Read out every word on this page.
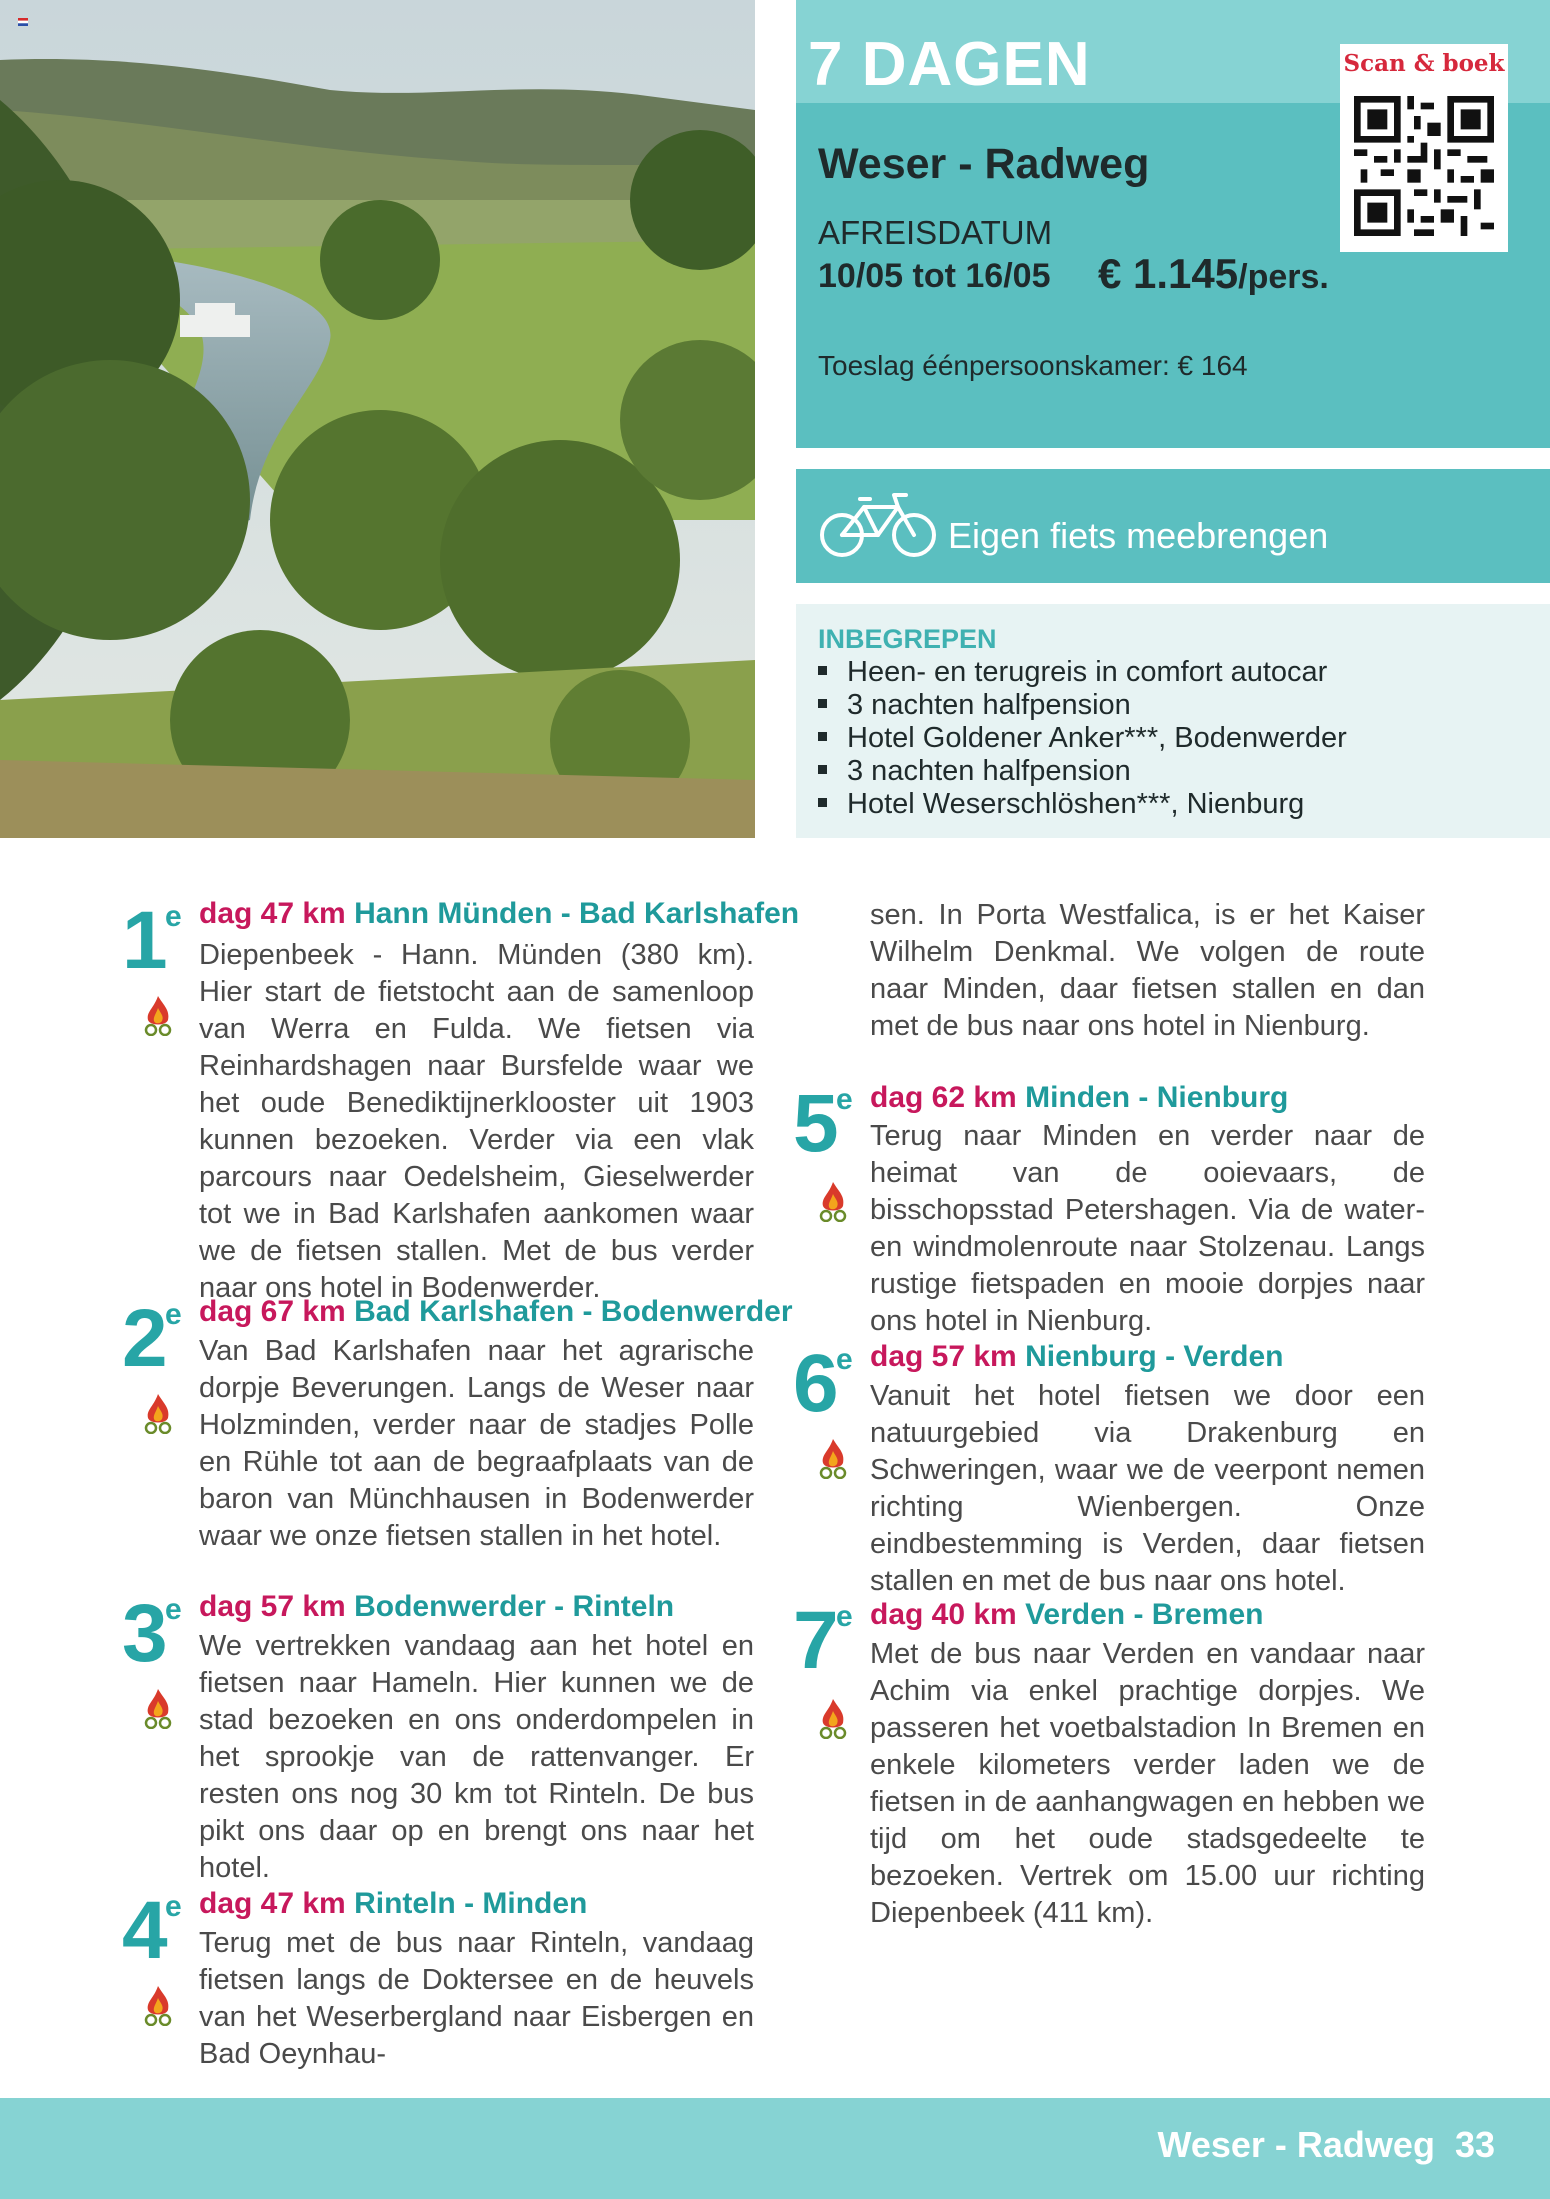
7 DAGEN	Scan & boek
Weser - Radweg
AFREISDATUM
10/05 tot 16/05 € 1.145/pers.
Toeslag éénpersoonskamer: € 164
Eigen fiets meebrengen
INBEGREPEN
Heen- en terugreis in comfort autocar
3 nachten halfpension
Hotel Goldener Anker***, Bodenwerder
3 nachten halfpension
Hotel Weserschlöshen***, Nienburg
1
e dag 47 km Hann Münden - Bad Karlshafen
Diepenbeek - Hann. Münden (380 km). Hier start de fietstocht aan de samenloop van Werra en Fulda. We fietsen via Reinhardshagen naar Bursfelde waar we het oude Benediktijnerklooster uit 1903 kunnen bezoeken. Verder via een vlak parcours naar Oedelsheim, Gieselwerder tot we in Bad Karlshafen aankomen waar we de fietsen stallen. Met de bus verder naar ons hotel in Bodenwerder.
2
e dag 67 km Bad Karlshafen - Bodenwerder
Van Bad Karlshafen naar het agrarische dorpje Beverungen. Langs de Weser naar Holzminden, verder naar de stadjes Polle en Rühle tot aan de begraafplaats van de baron van Münchhausen in Bodenwerder waar we onze fietsen stallen in het hotel.
3
e dag 57 km Bodenwerder - Rinteln
We vertrekken vandaag aan het hotel en fietsen naar Hameln. Hier kunnen we de stad bezoeken en ons onderdompelen in het sprookje van de rattenvanger. Er resten ons nog 30 km tot Rinteln. De bus pikt ons daar op en brengt ons naar het hotel.
4
e dag 47 km Rinteln - Minden
Terug met de bus naar Rinteln, vandaag fietsen langs de Doktersee en de heuvels van het Weserbergland naar Eisbergen en Bad Oeynhau-
sen. In Porta Westfalica, is er het Kaiser Wilhelm Denkmal. We volgen de route naar Minden, daar fietsen stallen en dan met de bus naar ons hotel in Nienburg.
5
e dag 62 km Minden - Nienburg
Terug naar Minden en verder naar de heimat van de ooievaars, de bisschopsstad Petershagen. Via de water- en windmolenroute naar Stolzenau. Langs rustige fietspaden en mooie dorpjes naar ons hotel in Nienburg.
6
e dag 57 km Nienburg - Verden
Vanuit het hotel fietsen we door een natuurgebied via Drakenburg en Schweringen, waar we de veerpont nemen richting Wienbergen. Onze eindbestemming is Verden, daar fietsen stallen en met de bus naar ons hotel.
7
e dag 40 km Verden - Bremen
Met de bus naar Verden en vandaar naar Achim via enkel prachtige dorpjes. We passeren het voetbalstadion In Bremen en enkele kilometers verder laden we de fietsen in de aanhangwagen en hebben we tijd om het oude stadsgedeelte te bezoeken. Vertrek om 15.00 uur richting Diepenbeek (411 km).
Weser - Radweg 33
